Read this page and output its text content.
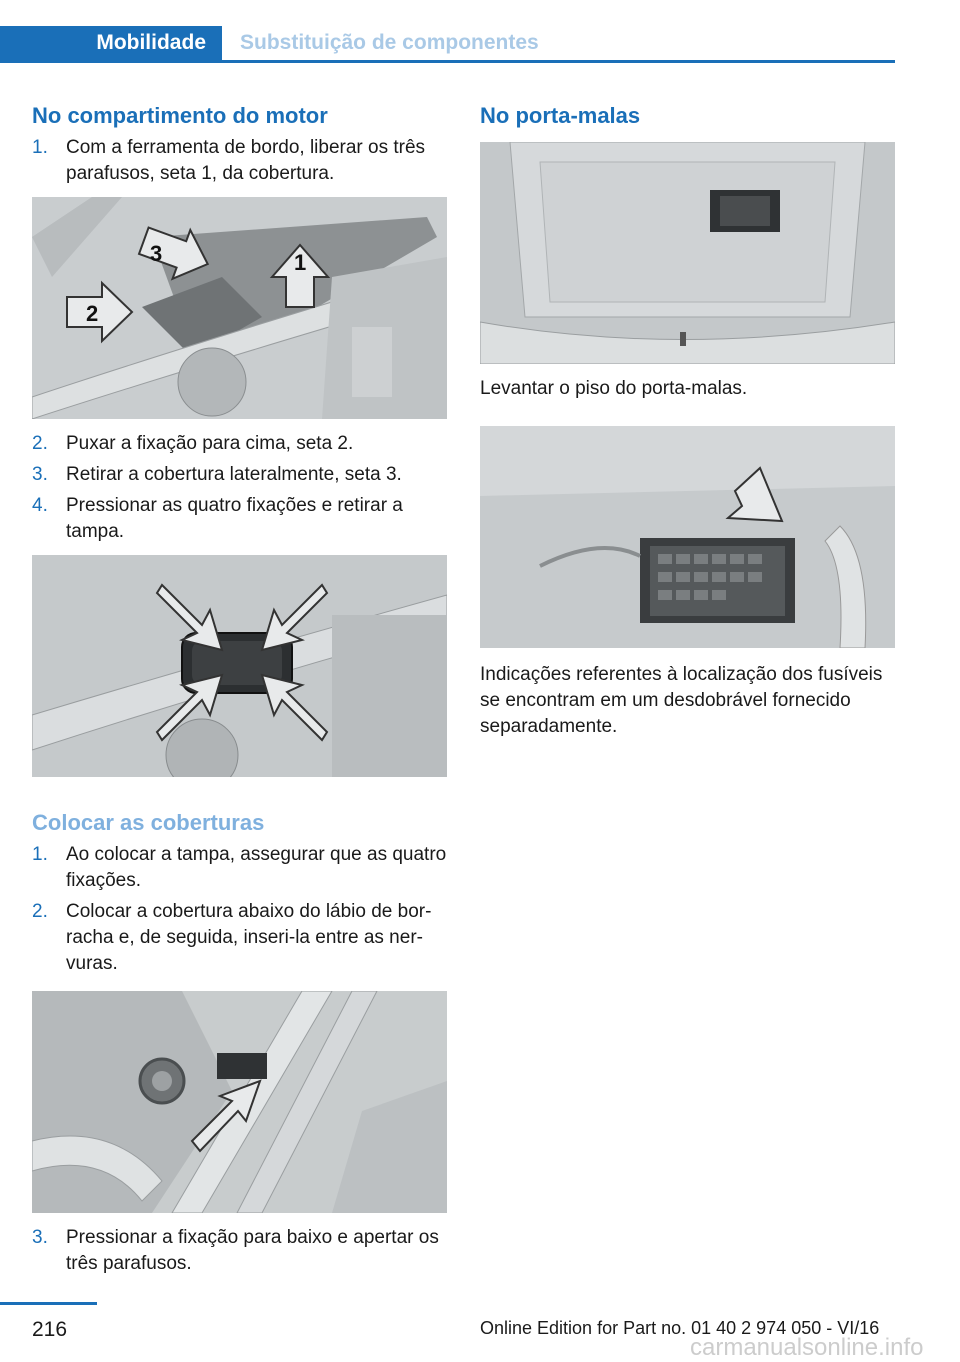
Mobilidade	Substituição de componentes
No compartimento do motor
1. Com a ferramenta de bordo, liberar os três parafusos, seta 1, da cobertura.
1
2
3
2. Puxar a fixação para cima, seta 2.
3. Retirar a cobertura lateralmente, seta 3.
4. Pressionar as quatro fixações e retirar a tampa.
Colocar as coberturas
1. Ao colocar a tampa, assegurar que as quatro fixações.
2. Colocar a cobertura abaixo do lábio de borracha e, de seguida, inseri-la entre as nervuras.
3. Pressionar a fixação para baixo e apertar os três parafusos.
No porta-malas

Levantar o piso do porta-malas.

Indicações referentes à localização dos fusíveis se encontram em um desdobrável fornecido separadamente.

216	Online Edition for Part no. 01 40 2 974 050 - VI/16
carmanualsonline.info
